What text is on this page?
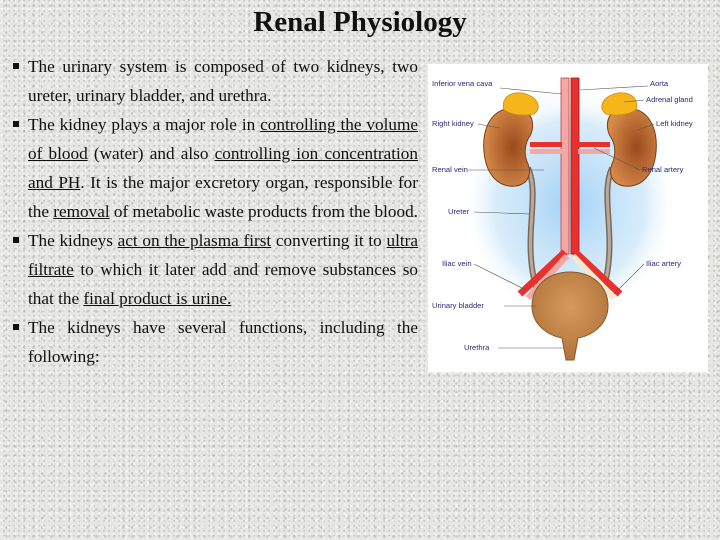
Renal Physiology
The urinary system is composed of two kidneys, two ureter, urinary bladder, and urethra.
The kidney plays a major role in controlling the volume of blood (water) and also controlling ion concentration and PH. It is the major excretory organ, responsible for the removal of metabolic waste products from the blood.
The kidneys act on the plasma first converting it to ultra filtrate to which it later add and remove substances so that the final product is urine.
The kidneys have several functions, including the following:
Inferior vena cava	Aorta
Adrenal gland
Right kidney	Left kidney
Renal vein	Renal artery
Ureter
Iliac vein	Iliac artery
Urinary bladder
Urethra
